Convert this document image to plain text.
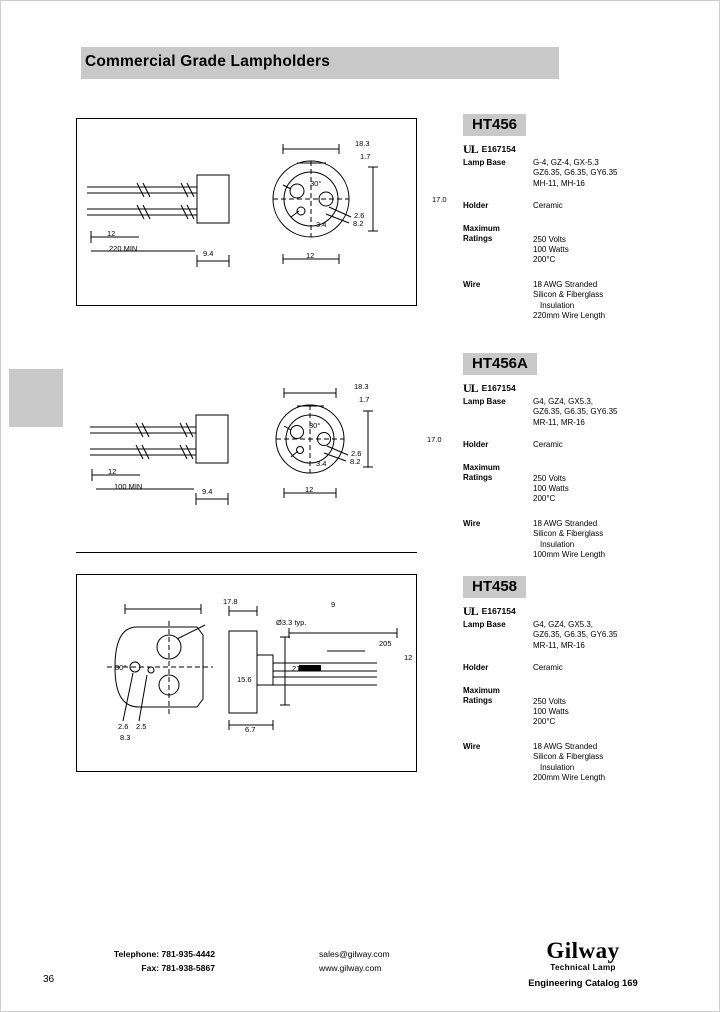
Commercial Grade Lampholders
18.3
1.7
30°
17.0
12
220 MIN
9.4
3.4
2.6
8.2
12
18.3
1.7
30°
17.0
12
100 MIN
9.4
3.4
2.6
8.2
12
17.8
Ø3.3 typ.
9
205
12
21.9
15.6
30°
6.7
2.6 2.5
8.3
HT456
UL E167154
Lamp Base	G-4, GZ-4, GX-5.3
GZ6.35, G6.35, GY6.35
MH-11, MH-16
Holder	Ceramic
Maximum
Ratings	250 Volts
100 Watts
200°C
Wire	18 AWG Stranded
Silicon & Fiberglass

Insulation
220mm Wire Length
HT456A
UL E167154
Lamp Base	G4, GZ4, GX5.3,
GZ6.35, G6.35, GY6.35
MR-11, MR-16
Holder	Ceramic
Maximum
Ratings	250 Volts
100 Watts
200°C
Wire	18 AWG Stranded
Silicon & Fiberglass

Insulation
100mm Wire Length
HT458
UL E167154
Lamp Base	G4, GZ4, GX5.3,
GZ6.35, G6.35, GY6.35
MR-11, MR-16
Holder	Ceramic
Maximum
Ratings	250 Volts
100 Watts
200°C
Wire	18 AWG Stranded
Silicon & Fiberglass

Insulation
200mm Wire Length
Telephone: 781-935-4442
Fax: 781-938-5867
sales@gilway.com
www.gilway.com
Gilway
Technical Lamp
Engineering Catalog 169
36
